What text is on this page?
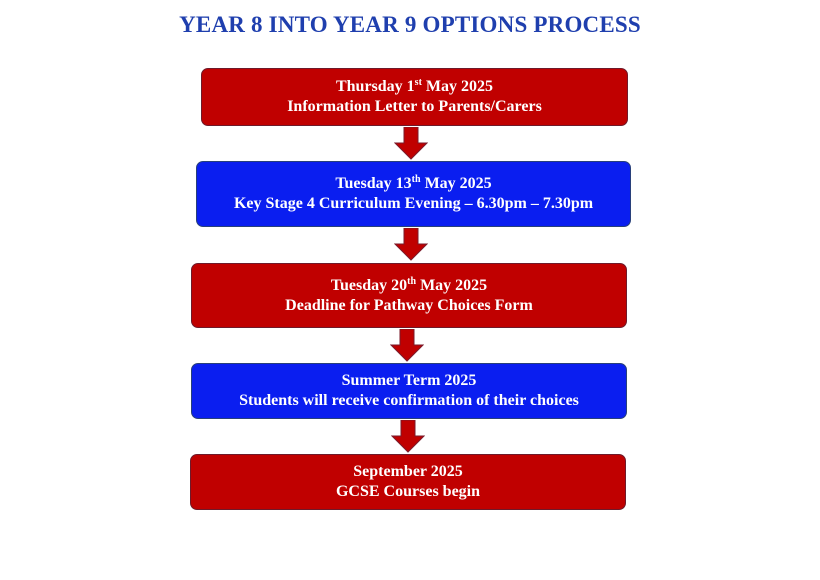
YEAR 8 INTO YEAR 9 OPTIONS PROCESS
Thursday 1st May 2025
Information Letter to Parents/Carers
Tuesday 13th May 2025
Key Stage 4 Curriculum Evening – 6.30pm – 7.30pm
Tuesday 20th May 2025
Deadline for Pathway Choices Form
Summer Term 2025
Students will receive confirmation of their choices
September 2025
GCSE Courses begin
